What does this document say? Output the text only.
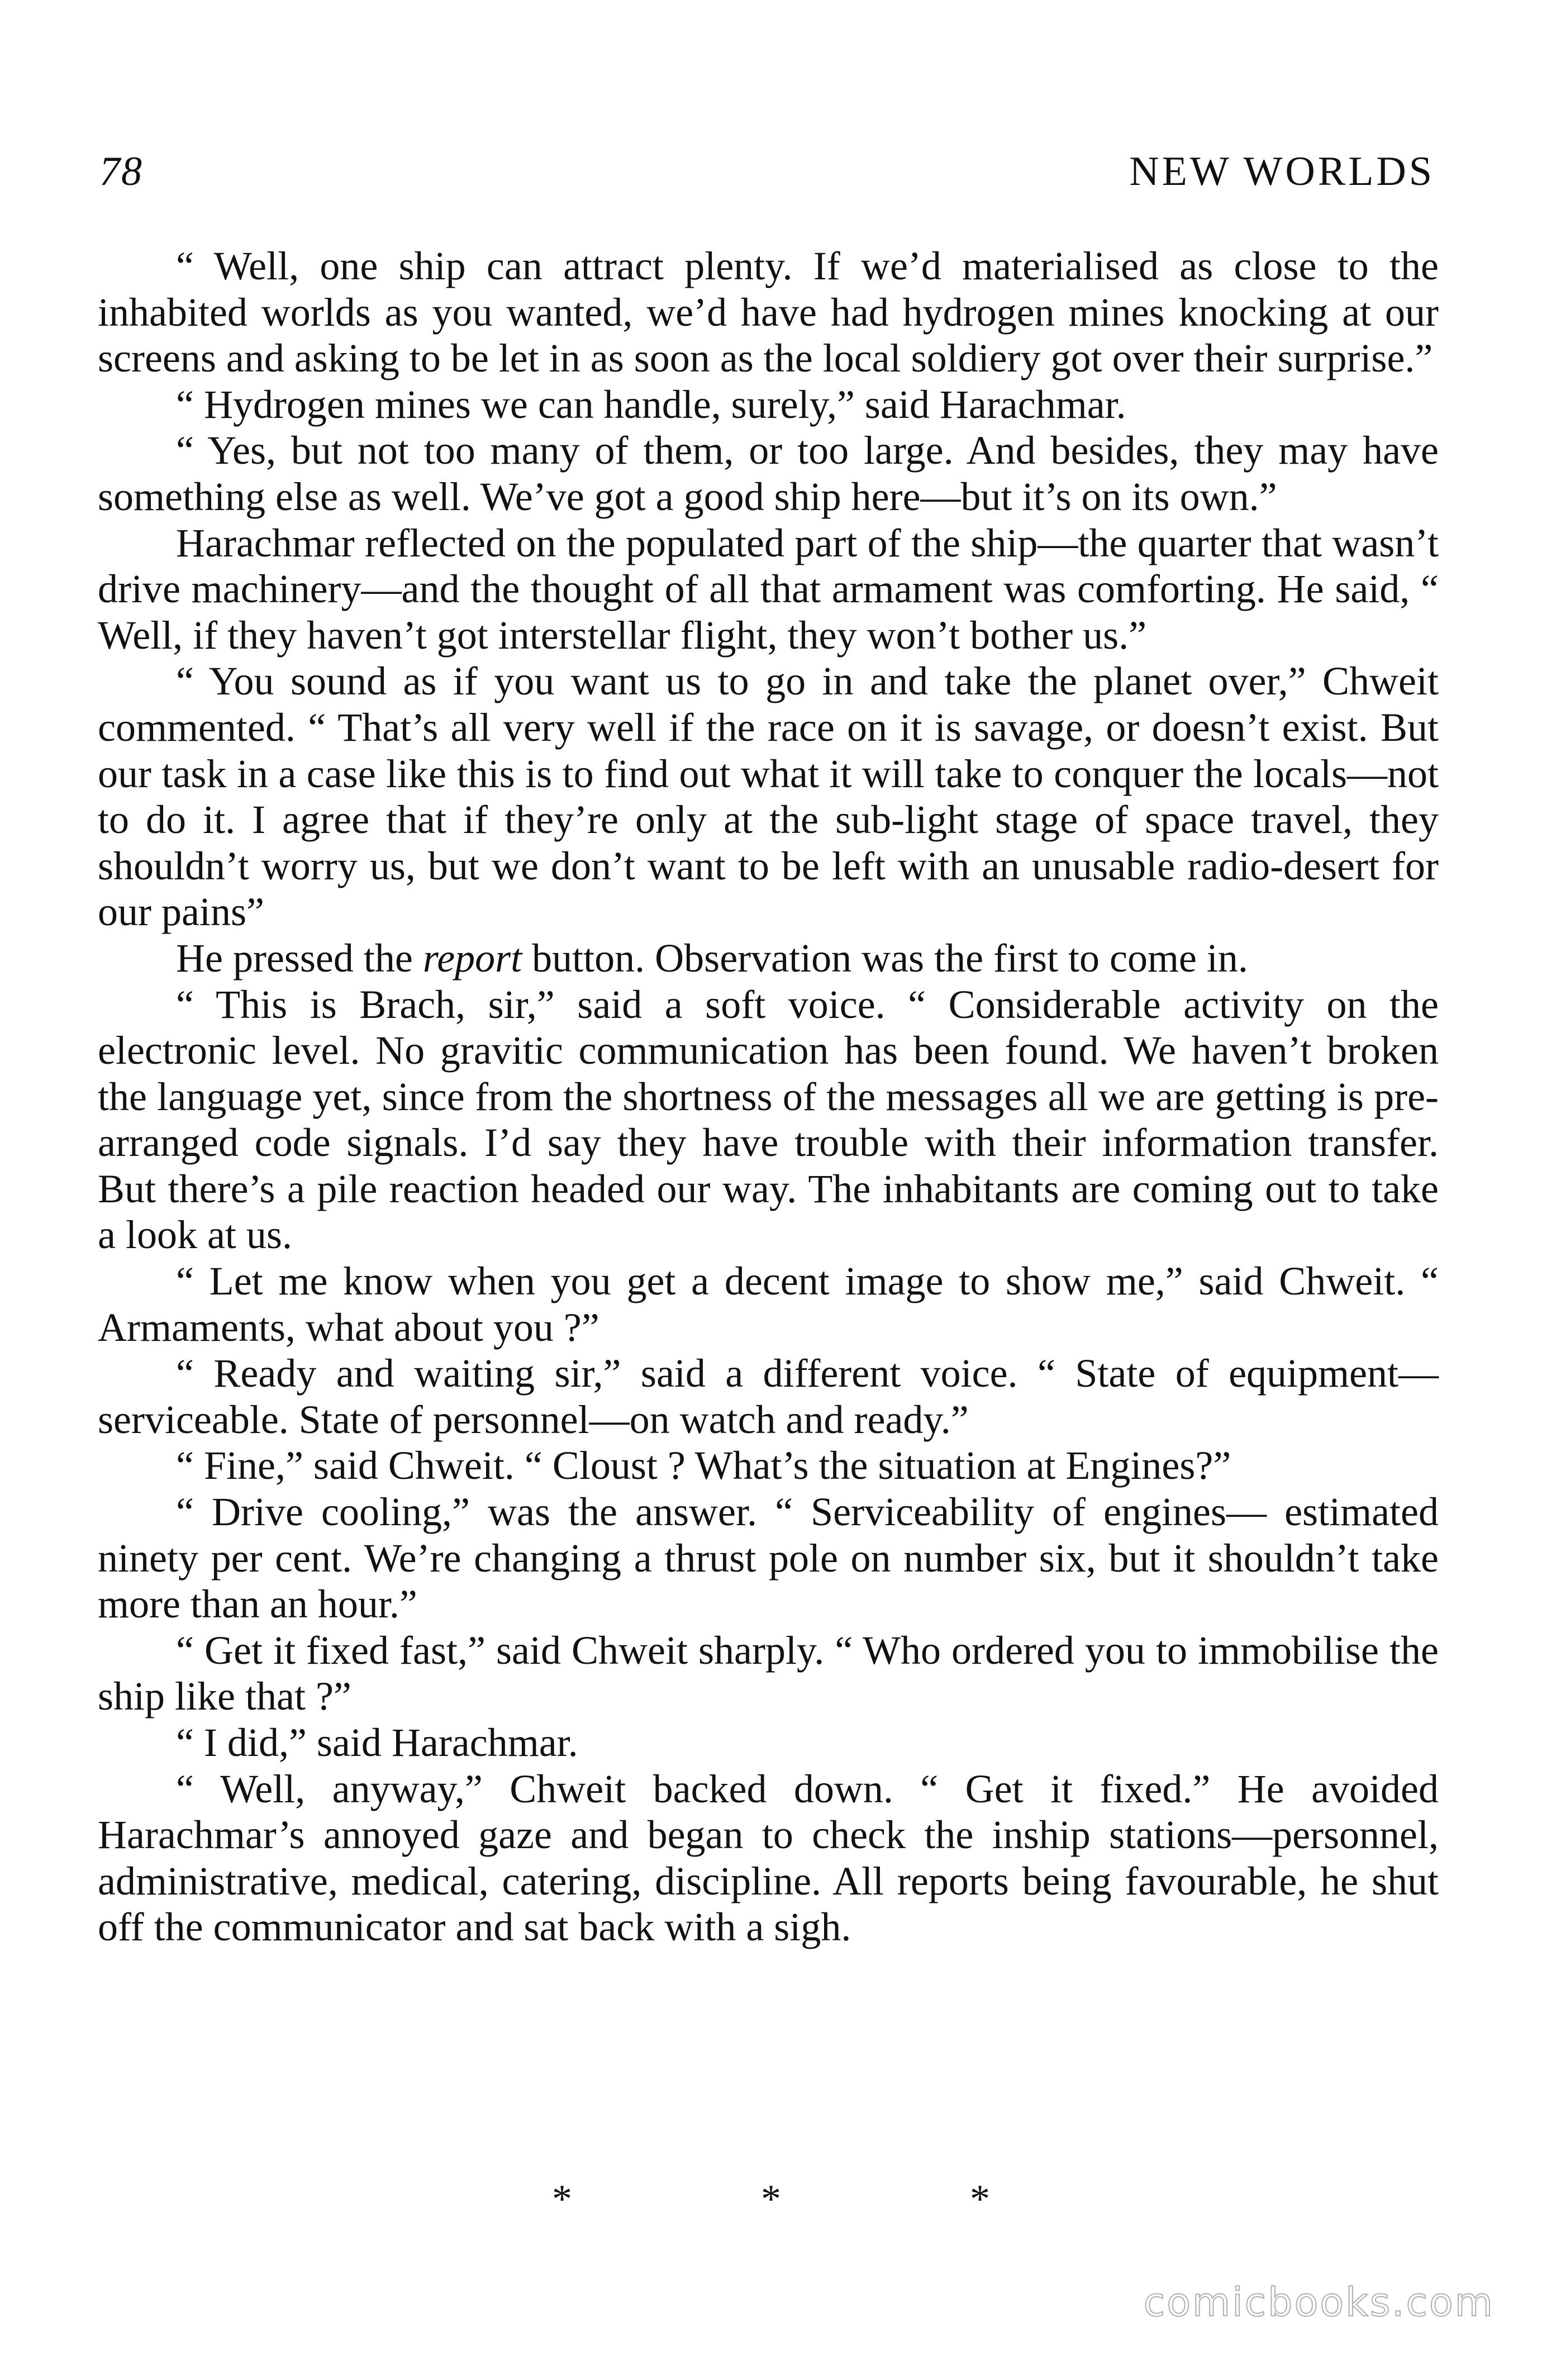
78	NEW WORLDS

“ Well, one ship can attract plenty. If we’d materialised as close to the inhabited worlds as you wanted, we’d have had hydrogen mines knocking at our screens and asking to be let in as soon as the local soldiery got over their surprise.”

“ Hydrogen mines we can handle, surely,” said Harachmar.

“ Yes, but not too many of them, or too large. And besides, they may have something else as well. We’ve got a good ship here—but it’s on its own.”

Harachmar reflected on the populated part of the ship—the quarter that wasn’t drive machinery—and the thought of all that armament was comforting. He said, “ Well, if they haven’t got interstellar flight, they won’t bother us.”

“ You sound as if you want us to go in and take the planet over,” Chweit commented. “ That’s all very well if the race on it is savage, or doesn’t exist. But our task in a case like this is to find out what it will take to conquer the locals—not to do it. I agree that if they’re only at the sub-light stage of space travel, they shouldn’t worry us, but we don’t want to be left with an unusable radio-desert for our pains”

He pressed the report button. Observation was the first to come in.

“ This is Brach, sir,” said a soft voice. “ Considerable activity on the electronic level. No gravitic communication has been found. We haven’t broken the language yet, since from the shortness of the messages all we are getting is pre-arranged code signals. I’d say they have trouble with their information transfer. But there’s a pile reaction headed our way. The inhabitants are coming out to take a look at us.

“ Let me know when you get a decent image to show me,” said Chweit. “ Armaments, what about you ?”

“ Ready and waiting sir,” said a different voice. “ State of equipment—serviceable. State of personnel—on watch and ready.”

“ Fine,” said Chweit. “ Cloust ? What’s the situation at Engines?”

“ Drive cooling,” was the answer. “ Serviceability of engines— estimated ninety per cent. We’re changing a thrust pole on number six, but it shouldn’t take more than an hour.”

“ Get it fixed fast,” said Chweit sharply. “ Who ordered you to immobilise the ship like that ?”

“ I did,” said Harachmar.

“ Well, anyway,” Chweit backed down. “ Get it fixed.” He avoided Harachmar’s annoyed gaze and began to check the inship stations—personnel, administrative, medical, catering, discipline. All reports being favourable, he shut off the communicator and sat back with a sigh.

* * *
comicbooks.com
